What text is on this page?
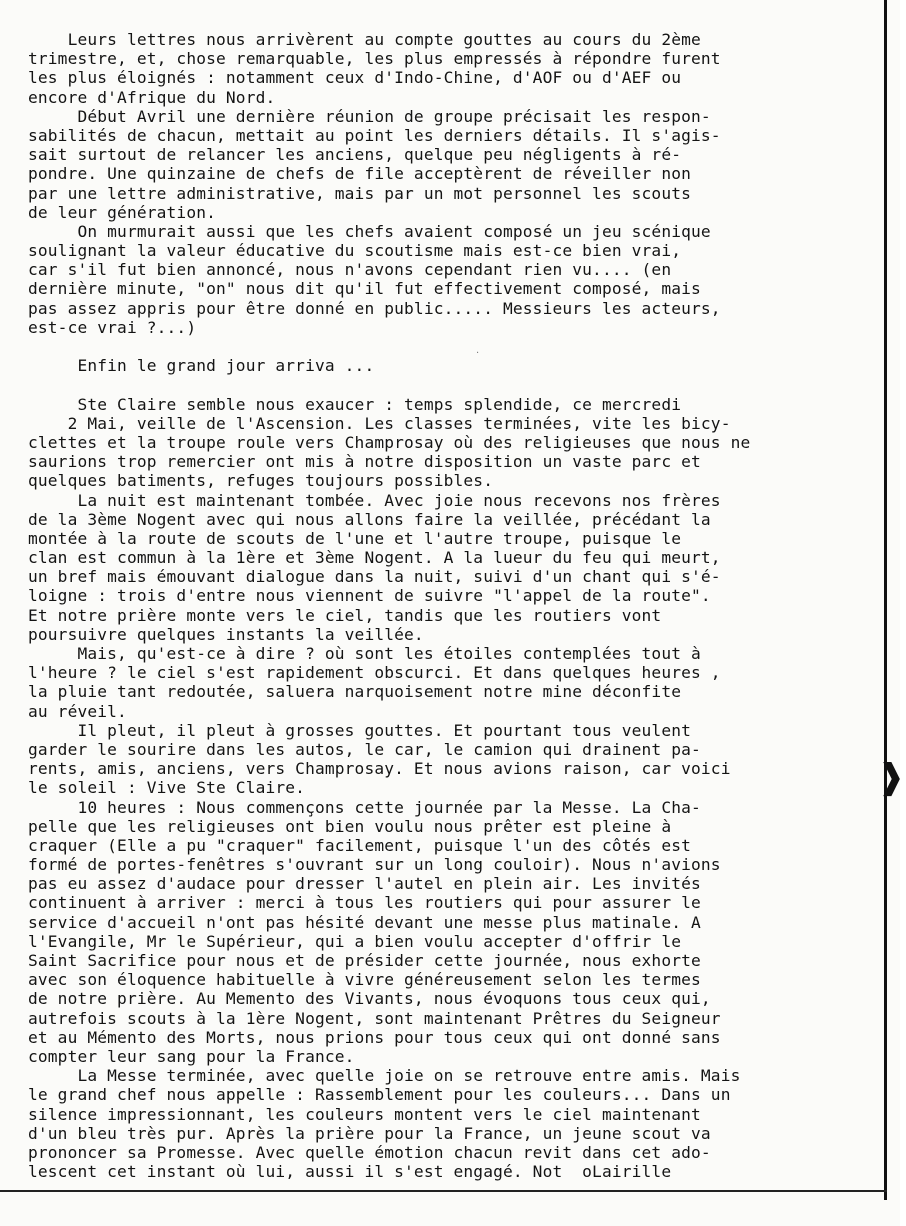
❱
‧
Leurs lettres nous arrivèrent au compte gouttes au cours du 2ème
trimestre, et, chose remarquable, les plus empressés à répondre furent
les plus éloignés : notamment ceux d'Indo-Chine, d'AOF ou d'AEF ou
encore d'Afrique du Nord.
Début Avril une dernière réunion de groupe précisait les respon-
sabilités de chacun, mettait au point les derniers détails. Il s'agis-
sait surtout de relancer les anciens, quelque peu négligents à ré-
pondre. Une quinzaine de chefs de file acceptèrent de réveiller non
par une lettre administrative, mais par un mot personnel les scouts
de leur génération.
On murmurait aussi que les chefs avaient composé un jeu scénique
soulignant la valeur éducative du scoutisme mais est-ce bien vrai,
car s'il fut bien annoncé, nous n'avons cependant rien vu.... (en
dernière minute, "on" nous dit qu'il fut effectivement composé, mais
pas assez appris pour être donné en public..... Messieurs les acteurs,
est-ce vrai ?...)
Enfin le grand jour arriva ...
Ste Claire semble nous exaucer : temps splendide, ce mercredi
2 Mai, veille de l'Ascension. Les classes terminées, vite les bicy-
clettes et la troupe roule vers Champrosay où des religieuses que nous ne
saurions trop remercier ont mis à notre disposition un vaste parc et
quelques batiments, refuges toujours possibles.
La nuit est maintenant tombée. Avec joie nous recevons nos frères
de la 3ème Nogent avec qui nous allons faire la veillée, précédant la
montée à la route de scouts de l'une et l'autre troupe, puisque le
clan est commun à la 1ère et 3ème Nogent. A la lueur du feu qui meurt,
un bref mais émouvant dialogue dans la nuit, suivi d'un chant qui s'é-
loigne : trois d'entre nous viennent de suivre "l'appel de la route".
Et notre prière monte vers le ciel, tandis que les routiers vont
poursuivre quelques instants la veillée.
Mais, qu'est-ce à dire ? où sont les étoiles contemplées tout à
l'heure ? le ciel s'est rapidement obscurci. Et dans quelques heures ,
la pluie tant redoutée, saluera narquoisement notre mine déconfite
au réveil.
Il pleut, il pleut à grosses gouttes. Et pourtant tous veulent
garder le sourire dans les autos, le car, le camion qui drainent pa-
rents, amis, anciens, vers Champrosay. Et nous avions raison, car voici
le soleil : Vive Ste Claire.
10 heures : Nous commençons cette journée par la Messe. La Cha-
pelle que les religieuses ont bien voulu nous prêter est pleine à
craquer (Elle a pu "craquer" facilement, puisque l'un des côtés est
formé de portes-fenêtres s'ouvrant sur un long couloir). Nous n'avions
pas eu assez d'audace pour dresser l'autel en plein air. Les invités
continuent à arriver : merci à tous les routiers qui pour assurer le
service d'accueil n'ont pas hésité devant une messe plus matinale. A
l'Evangile, Mr le Supérieur, qui a bien voulu accepter d'offrir le
Saint Sacrifice pour nous et de présider cette journée, nous exhorte
avec son éloquence habituelle à vivre généreusement selon les termes
de notre prière. Au Memento des Vivants, nous évoquons tous ceux qui,
autrefois scouts à la 1ère Nogent, sont maintenant Prêtres du Seigneur
et au Mémento des Morts, nous prions pour tous ceux qui ont donné sans
compter leur sang pour la France.
La Messe terminée, avec quelle joie on se retrouve entre amis. Mais
le grand chef nous appelle : Rassemblement pour les couleurs... Dans un
silence impressionnant, les couleurs montent vers le ciel maintenant
d'un bleu très pur. Après la prière pour la France, un jeune scout va
prononcer sa Promesse. Avec quelle émotion chacun revit dans cet ado-
lescent cet instant où lui, aussi il s'est engagé. Not  oLairille
